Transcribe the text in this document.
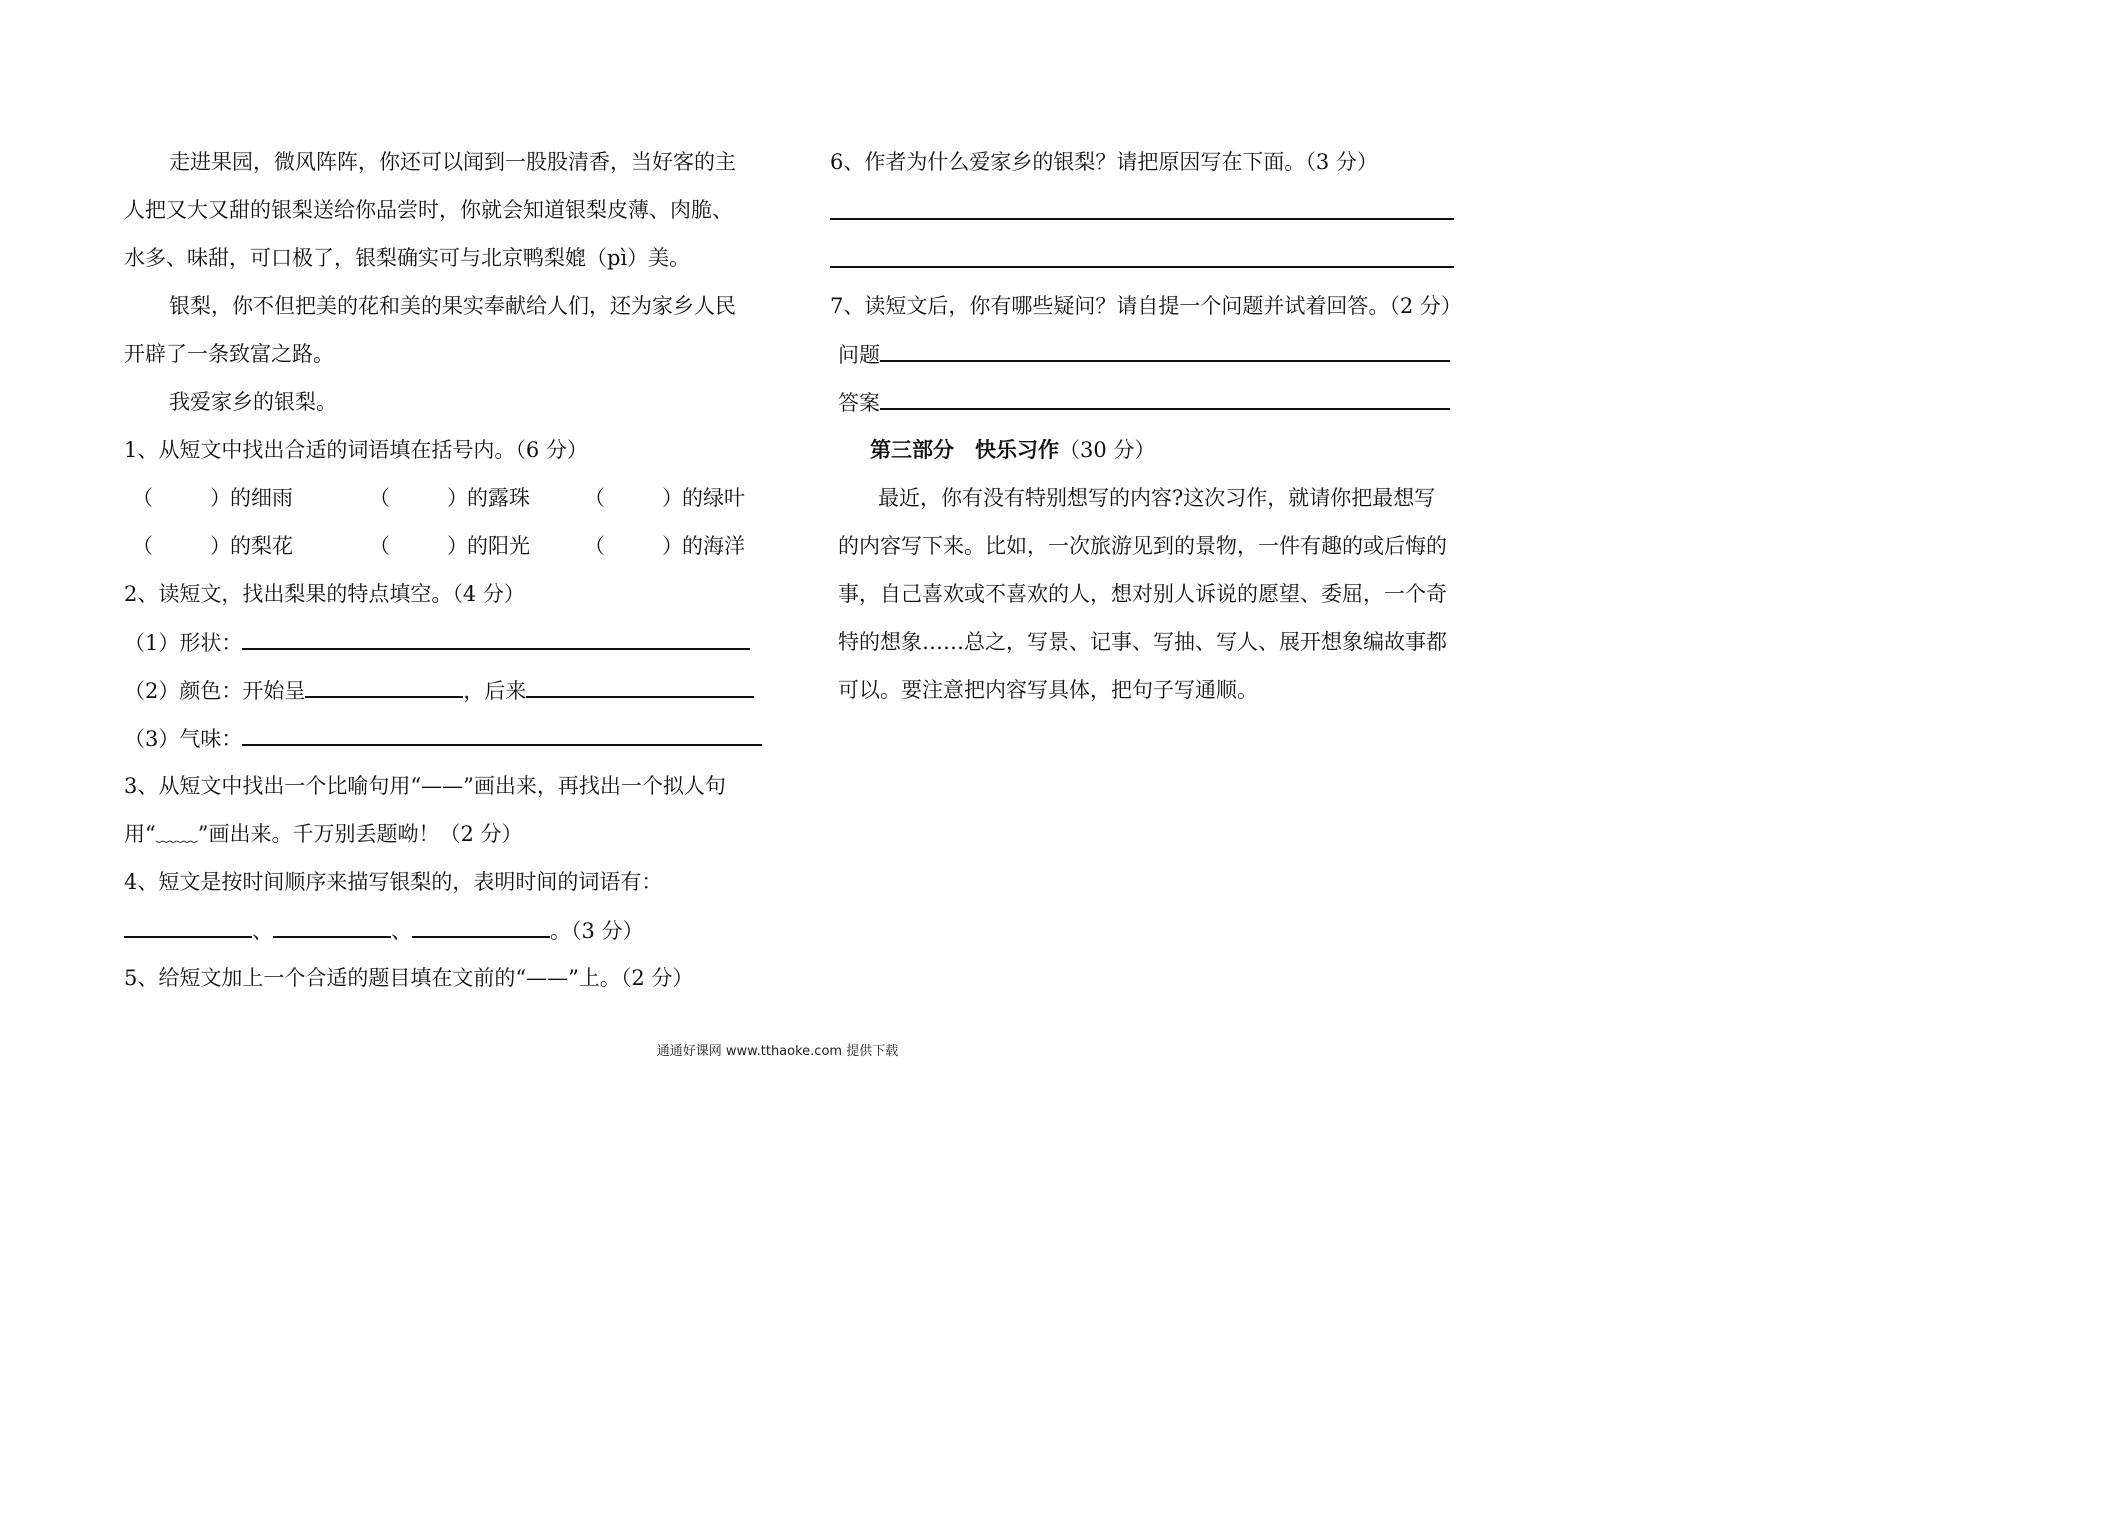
走进果园，微风阵阵，你还可以闻到一股股清香，当好客的主
人把又大又甜的银梨送给你品尝时，你就会知道银梨皮薄、肉脆、
水多、味甜，可口极了，银梨确实可与北京鸭梨媲（pì）美。
银梨，你不但把美的花和美的果实奉献给人们，还为家乡人民
开辟了一条致富之路。
我爱家乡的银梨。
1、从短文中找出合适的词语填在括号内。（6 分）
（	） 的细雨	（	） 的露珠	（	） 的绿叶
（	） 的梨花	（	） 的阳光	（	） 的海洋
2、读短文，找出梨果的特点填空。（4 分）
（1）形状：
（2）颜色：开始呈	，后来
（3）气味：
3、从短文中找出一个比喻句用“——”画出来，再找出一个拟人句
用“﹏﹏”画出来。千万别丢题呦！（2 分）
4、短文是按时间顺序来描写银梨的，表明时间的词语有：
、	、	。（3 分）
5、给短文加上一个合适的题目填在文前的“——”上。（2 分）
6、作者为什么爱家乡的银梨？请把原因写在下面。（3 分）
7、读短文后，你有哪些疑问？请自提一个问题并试着回答。（2 分）
问题
答案
第三部分　快乐习作（30 分）
最近，你有没有特别想写的内容?这次习作，就请你把最想写
的内容写下来。比如，一次旅游见到的景物，一件有趣的或后悔的
事，自己喜欢或不喜欢的人，想对别人诉说的愿望、委屈，一个奇
特的想象……总之，写景、记事、写抽、写人、展开想象编故事都
可以。要注意把内容写具体，把句子写通顺。
通通好课网 www.tthaoke.com 提供下载
